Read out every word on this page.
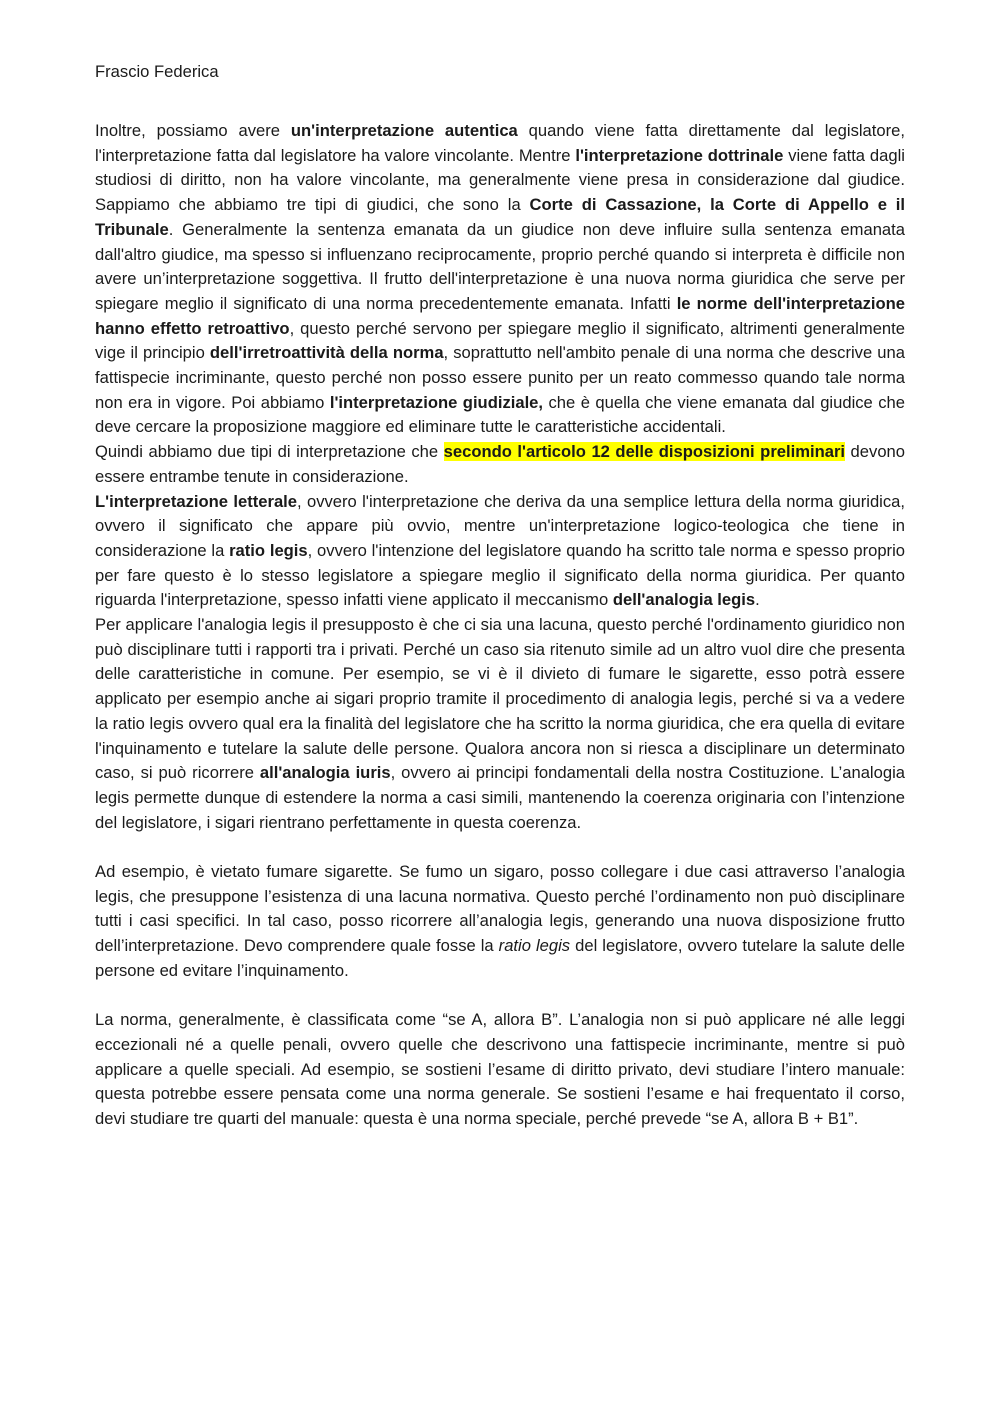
Frascio Federica

Inoltre, possiamo avere un'interpretazione autentica quando viene fatta direttamente dal legislatore, l'interpretazione fatta dal legislatore ha valore vincolante. Mentre l'interpretazione dottrinale viene fatta dagli studiosi di diritto, non ha valore vincolante, ma generalmente viene presa in considerazione dal giudice. Sappiamo che abbiamo tre tipi di giudici, che sono la Corte di Cassazione, la Corte di Appello e il Tribunale. Generalmente la sentenza emanata da un giudice non deve influire sulla sentenza emanata dall'altro giudice, ma spesso si influenzano reciprocamente, proprio perché quando si interpreta è difficile non avere un’interpretazione soggettiva. Il frutto dell'interpretazione è una nuova norma giuridica che serve per spiegare meglio il significato di una norma precedentemente emanata. Infatti le norme dell'interpretazione hanno effetto retroattivo, questo perché servono per spiegare meglio il significato, altrimenti generalmente vige il principio dell'irretroattività della norma, soprattutto nell'ambito penale di una norma che descrive una fattispecie incriminante, questo perché non posso essere punito per un reato commesso quando tale norma non era in vigore. Poi abbiamo l'interpretazione giudiziale, che è quella che viene emanata dal giudice che deve cercare la proposizione maggiore ed eliminare tutte le caratteristiche accidentali.

Quindi abbiamo due tipi di interpretazione che secondo l'articolo 12 delle disposizioni preliminari devono essere entrambe tenute in considerazione.

L'interpretazione letterale, ovvero l'interpretazione che deriva da una semplice lettura della norma giuridica, ovvero il significato che appare più ovvio, mentre un'interpretazione logico-teologica che tiene in considerazione la ratio legis, ovvero l'intenzione del legislatore quando ha scritto tale norma e spesso proprio per fare questo è lo stesso legislatore a spiegare meglio il significato della norma giuridica. Per quanto riguarda l'interpretazione, spesso infatti viene applicato il meccanismo dell'analogia legis.

Per applicare l'analogia legis il presupposto è che ci sia una lacuna, questo perché l'ordinamento giuridico non può disciplinare tutti i rapporti tra i privati. Perché un caso sia ritenuto simile ad un altro vuol dire che presenta delle caratteristiche in comune. Per esempio, se vi è il divieto di fumare le sigarette, esso potrà essere applicato per esempio anche ai sigari proprio tramite il procedimento di analogia legis, perché si va a vedere la ratio legis ovvero qual era la finalità del legislatore che ha scritto la norma giuridica, che era quella di evitare l'inquinamento e tutelare la salute delle persone. Qualora ancora non si riesca a disciplinare un determinato caso, si può ricorrere all'analogia iuris, ovvero ai principi fondamentali della nostra Costituzione. L’analogia legis permette dunque di estendere la norma a casi simili, mantenendo la coerenza originaria con l’intenzione del legislatore, i sigari rientrano perfettamente in questa coerenza.

Ad esempio, è vietato fumare sigarette. Se fumo un sigaro, posso collegare i due casi attraverso l’analogia legis, che presuppone l’esistenza di una lacuna normativa. Questo perché l’ordinamento non può disciplinare tutti i casi specifici. In tal caso, posso ricorrere all’analogia legis, generando una nuova disposizione frutto dell’interpretazione. Devo comprendere quale fosse la ratio legis del legislatore, ovvero tutelare la salute delle persone ed evitare l’inquinamento.

La norma, generalmente, è classificata come “se A, allora B”. L’analogia non si può applicare né alle leggi eccezionali né a quelle penali, ovvero quelle che descrivono una fattispecie incriminante, mentre si può applicare a quelle speciali. Ad esempio, se sostieni l’esame di diritto privato, devi studiare l’intero manuale: questa potrebbe essere pensata come una norma generale. Se sostieni l’esame e hai frequentato il corso, devi studiare tre quarti del manuale: questa è una norma speciale, perché prevede “se A, allora B + B1”.
